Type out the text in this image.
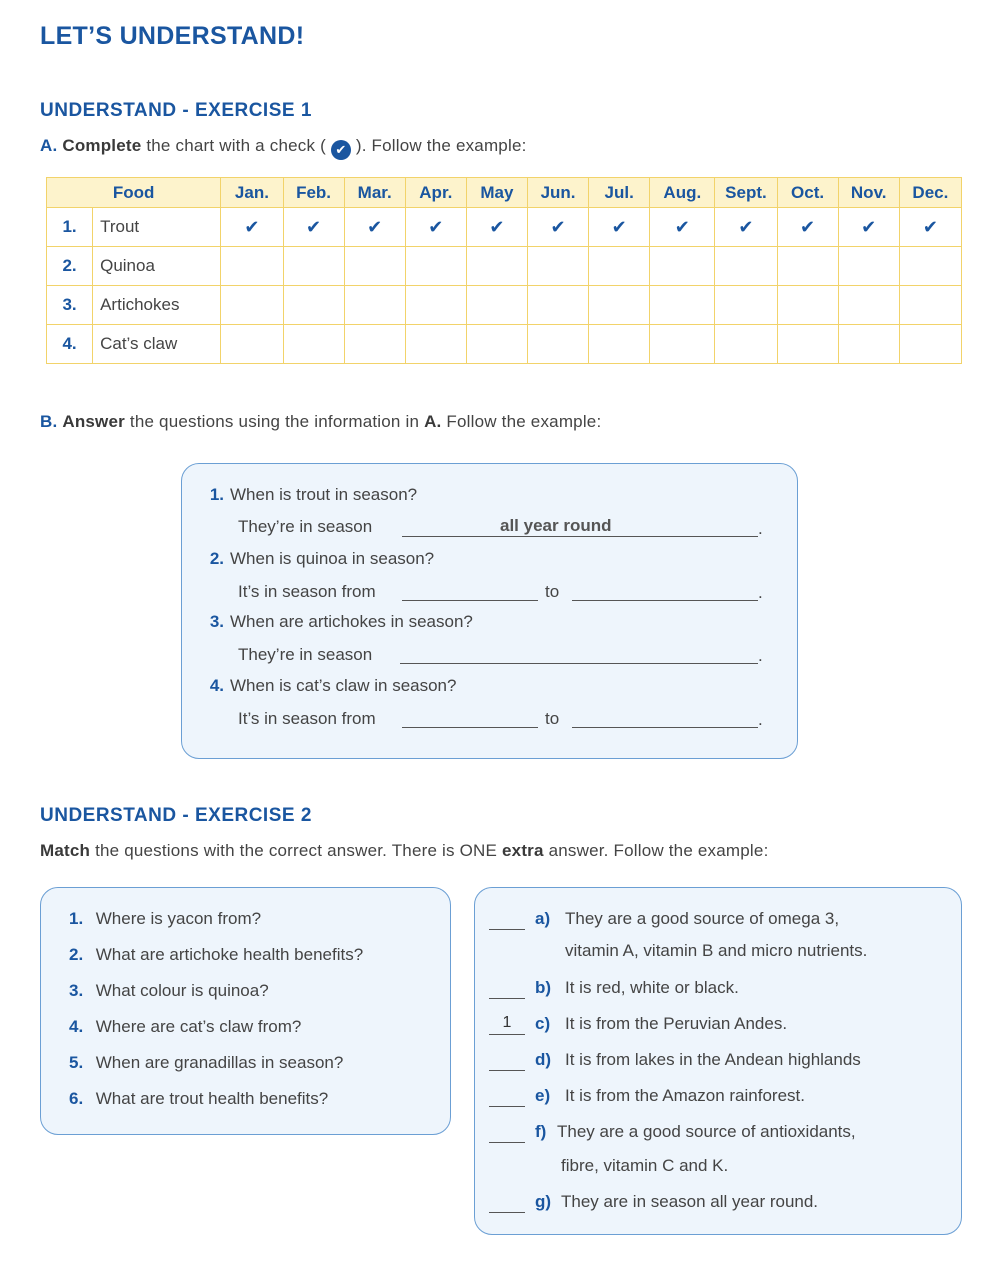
LET’S UNDERSTAND!
UNDERSTAND - EXERCISE 1
A. Complete the chart with a check ( ✔ ). Follow the example:
Food		Jan.	Feb.	Mar.	Apr.	May	Jun.	Jul.	Aug.	Sept.	Oct.	Nov.	Dec.
1.	Trout	✔	✔	✔	✔	✔	✔	✔	✔	✔	✔	✔	✔
2.	Quinoa												
3.	Artichokes												
4.	Cat’s claw												
B. Answer the questions using the information in A. Follow the example:
1. When is trout in season?
They’re in season	all year round	.
2. When is quinoa in season?
It’s in season from	to	.
3. When are artichokes in season?
They’re in season	.
4. When is cat’s claw in season?
It’s in season from	to	.
UNDERSTAND - EXERCISE 2
Match the questions with the correct answer. There is ONE extra answer. Follow the example:
1. Where is yacon from?
2. What are artichoke health benefits?
3. What colour is quinoa?
4. Where are cat’s claw from?
5. When are granadillas in season?
6. What are trout health benefits?
a) They are a good source of omega 3,
vitamin A, vitamin B and micro nutrients.
b) It is red, white or black.
1	c) It is from the Peruvian Andes.
d) It is from lakes in the Andean highlands
e) It is from the Amazon rainforest.
f) They are a good source of antioxidants,
fibre, vitamin C and K.
g) They are in season all year round.
